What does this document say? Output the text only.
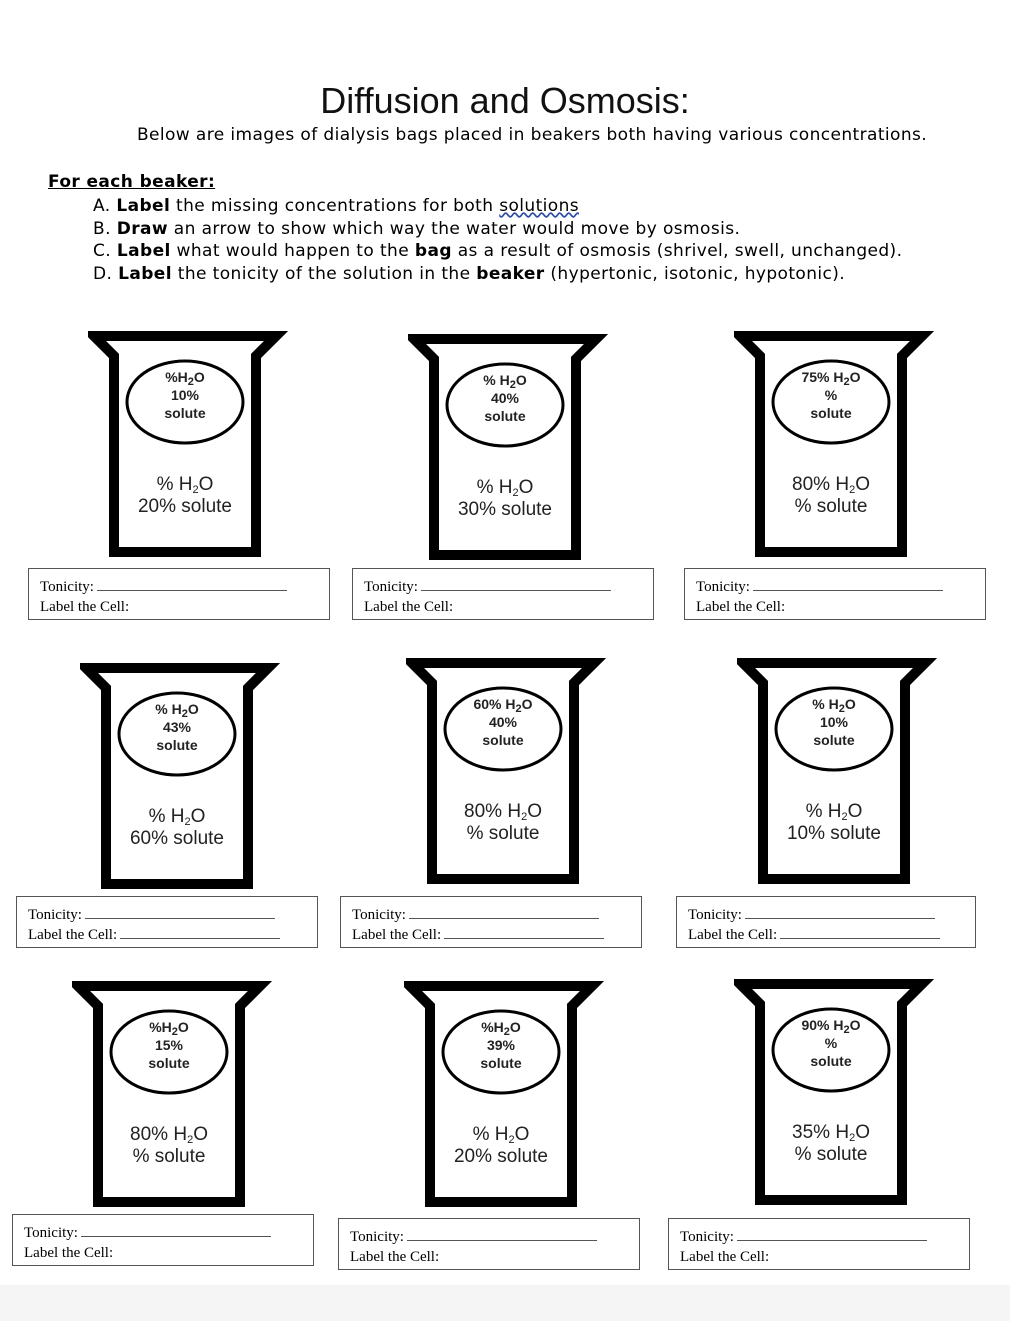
Diffusion and Osmosis:
Below are images of dialysis bags placed in beakers both having various concentrations.
For each beaker:
A. Label the missing concentrations for both solutions
B. Draw an arrow to show which way the water would move by osmosis.
C. Label what would happen to the bag as a result of osmosis (shrivel, swell, unchanged).
D. Label the tonicity of the solution in the beaker (hypertonic, isotonic, hypotonic).
$\%H_2O$
10%
solute
% $H_2O$
20% solute
% $H_2O$
40%
solute
% $H_2O$
30% solute
75% $H_2O$
%
solute
80% $H_2O$
% solute
% $H_2O$
43%
solute
% $H_2O$
60% solute
60% $H_2O$
40%
solute
80% $H_2O$
% solute
% $H_2O$
10%
solute
% $H_2O$
10% solute
$\%H_2O$
15%
solute
80% $H_2O$
% solute
$\%H_2O$
39%
solute
% $H_2O$
20% solute
90% $H_2O$
%
solute
35% $H_2O$
% solute
Tonicity:
Label the Cell:
Tonicity:
Label the Cell:
Tonicity:
Label the Cell:
Tonicity:
Label the Cell:
Tonicity:
Label the Cell:
Tonicity:
Label the Cell:
Tonicity:
Label the Cell:
Tonicity:
Label the Cell:
Tonicity:
Label the Cell:
